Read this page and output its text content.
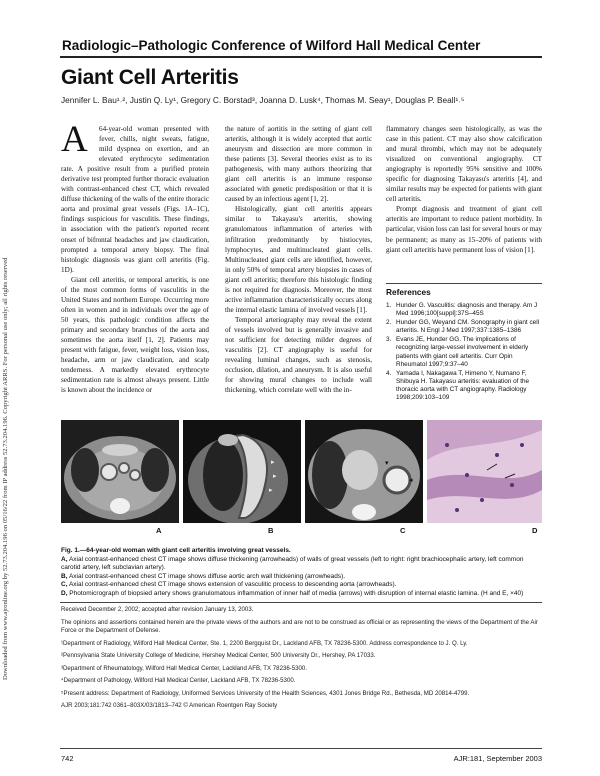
Downloaded from www.ajronline.org by 52.73.204.196 on 05/16/22 from IP address 52.73.204.196. Copyright ARRS. For personal use only; all rights reserved
Radiologic–Pathologic Conference of Wilford Hall Medical Center
Giant Cell Arteritis
Jennifer L. Bau¹˒², Justin Q. Ly¹, Gregory C. Borstad³, Joanna D. Lusk⁴, Thomas M. Seay¹, Douglas P. Beall¹˒⁵

A	64-year-old woman presented with fever, chills, night sweats, fatigue, mild dyspnea on exertion, and an elevated erythrocyte sedimentation rate. A positive result from a purified protein derivative test prompted further thoracic evaluation with contrast-enhanced chest CT, which revealed diffuse thickening of the walls of the entire thoracic aorta and proximal great vessels (Figs. 1A–1C), findings suspicious for vasculitis. These findings, in association with the patient's reported recent onset of bifrontal headaches and jaw claudication, prompted a temporal artery biopsy. The final histologic diagnosis was giant cell arteritis (Fig. 1D).

Giant cell arteritis, or temporal arteritis, is one of the most common forms of vasculitis in the United States and northern Europe. Occurring more often in women and in individuals over the age of 50 years, this pathologic condition affects the primary and secondary branches of the aorta and sometimes the aorta itself [1, 2]. Patients may present with fatigue, fever, weight loss, vision loss, headache, arm or jaw claudication, and scalp tenderness. A markedly elevated erythrocyte sedimentation rate is almost always present. Little is known about the incidence or

the nature of aortitis in the setting of giant cell arteritis, although it is widely accepted that aortic aneurysm and dissection are more common in these patients [3]. Several theories exist as to its pathogenesis, with many authors theorizing that giant cell arteritis is an immune response associated with genetic predisposition or that it is caused by an infectious agent [1, 2].

Histologically, giant cell arteritis appears similar to Takayasu's arteritis, showing granulomatous inflammation of arteries with infiltration predominantly by histiocytes, lymphocytes, and multinucleated giant cells. Multinucleated giant cells are identified, however, in only 50% of temporal artery biopsies in cases of giant cell arteritis; therefore this histologic finding is not required for diagnosis. Moreover, the most active inflammation characteristically occurs along the internal elastic lamina of involved vessels [1].

Temporal arteriography may reveal the extent of vessels involved but is generally invasive and not sufficient for detecting milder degrees of vasculitis [2]. CT angiography is useful for revealing luminal changes, such as stenosis, occlusion, dilation, and aneurysm. It is also useful for showing mural changes to include wall thickening, which correlate well with the in-

flammatory changes seen histologically, as was the case in this patient. CT may also show calcification and mural thrombi, which may not be adequately visualized on conventional angiography. CT angiography is reportedly 95% sensitive and 100% specific for diagnosing Takayasu's arteritis [4], and similar results may be expected for patients with giant cell arteritis.

Prompt diagnosis and treatment of giant cell arteritis are important to reduce patient morbidity. In particular, vision loss can last for several hours or may be permanent; as many as 15–20% of patients with giant cell arteritis have permanent loss of vision [1].

References
1. Hunder G. Vasculitis: diagnosis and therapy. Am J Med 1996;100[suppl]:37S–45S
2. Hunder GG, Weyand CM. Sonography in giant cell arteritis. N Engl J Med 1997;337:1385–1386
3. Evans JE, Hunder GG. The implications of recognizing large-vessel involvement in elderly patients with giant cell arteritis. Curr Opin Rheumatol 1997;9:37–40
4. Yamada I, Nakagawa T, Himeno Y, Numano F, Shibuya H. Takayasu arteritis: evaluation of the thoracic aorta with CT angiography. Radiology 1998;209:103–109
▸
▸
▸
▾
◂
A	B	C	D
Fig. 1.—64-year-old woman with giant cell arteritis involving great vessels.
A, Axial contrast-enhanced chest CT image shows diffuse thickening (arrowheads) of walls of great vessels (left to right: right brachiocephalic artery, left common carotid artery, left subclavian artery).
B, Axial contrast-enhanced chest CT image shows diffuse aortic arch wall thickening (arrowheads).
C, Axial contrast-enhanced chest CT image shows extension of vasculitic process to descending aorta (arrowheads).
D, Photomicrograph of biopsied artery shows granulomatous inflammation of inner half of media (arrows) with disruption of internal elastic lamina. (H and E, ×40)
Received December 2, 2002; accepted after revision January 13, 2003.
The opinions and assertions contained herein are the private views of the authors and are not to be construed as official or as representing the views of the Department of the Air Force or the Department of Defense.
¹Department of Radiology, Wilford Hall Medical Center, Ste. 1, 2200 Bergquist Dr., Lackland AFB, TX 78236-5300. Address correspondence to J. Q. Ly.
²Pennsylvania State University College of Medicine, Hershey Medical Center, 500 University Dr., Hershey, PA 17033.
³Department of Rheumatology, Wilford Hall Medical Center, Lackland AFB, TX 78236-5300.
⁴Department of Pathology, Wilford Hall Medical Center, Lackland AFB, TX 78236-5300.
⁵Present address: Department of Radiology, Uniformed Services University of the Health Sciences, 4301 Jones Bridge Rd., Bethesda, MD 20814-4799.
AJR 2003;181:742 0361–803X/03/1813–742 © American Roentgen Ray Society
742	AJR:181, September 2003
